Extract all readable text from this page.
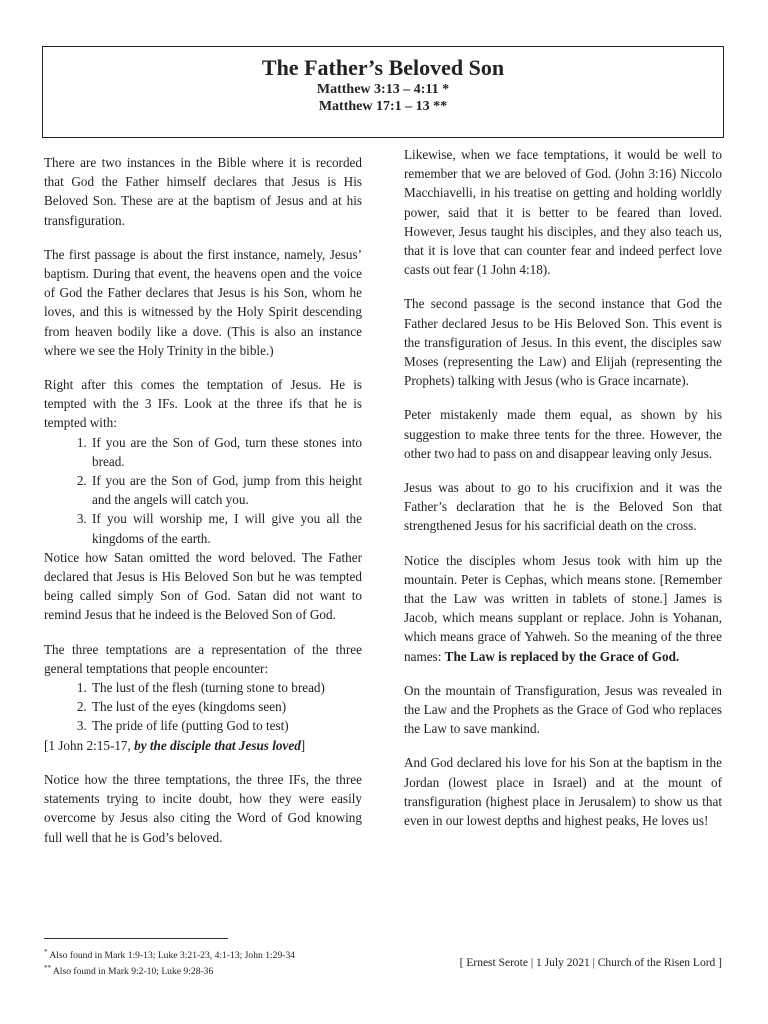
The Father’s Beloved Son
Matthew 3:13 – 4:11 *
Matthew 17:1 – 13 **

There are two instances in the Bible where it is recorded that God the Father himself declares that Jesus is His Beloved Son. These are at the baptism of Jesus and at his transfiguration.

The first passage is about the first instance, namely, Jesus’ baptism. During that event, the heavens open and the voice of God the Father declares that Jesus is his Son, whom he loves, and this is witnessed by the Holy Spirit descending from heaven bodily like a dove. (This is also an instance where we see the Holy Trinity in the bible.)

Right after this comes the temptation of Jesus. He is tempted with the 3 IFs. Look at the three ifs that he is tempted with:

1. If you are the Son of God, turn these stones into bread.
2. If you are the Son of God, jump from this height and the angels will catch you.
3. If you will worship me, I will give you all the kingdoms of the earth.

Notice how Satan omitted the word beloved. The Father declared that Jesus is His Beloved Son but he was tempted being called simply Son of God. Satan did not want to remind Jesus that he indeed is the Beloved Son of God.

The three temptations are a representation of the three general temptations that people encounter:

1. The lust of the flesh (turning stone to bread)
2. The lust of the eyes (kingdoms seen)
3. The pride of life (putting God to test)

[1 John 2:15-17, by the disciple that Jesus loved]

Notice how the three temptations, the three IFs, the three statements trying to incite doubt, how they were easily overcome by Jesus also citing the Word of God knowing full well that he is God’s beloved.

Likewise, when we face temptations, it would be well to remember that we are beloved of God. (John 3:16) Niccolo Macchiavelli, in his treatise on getting and holding worldly power, said that it is better to be feared than loved. However, Jesus taught his disciples, and they also teach us, that it is love that can counter fear and indeed perfect love casts out fear (1 John 4:18).

The second passage is the second instance that God the Father declared Jesus to be His Beloved Son. This event is the transfiguration of Jesus. In this event, the disciples saw Moses (representing the Law) and Elijah (representing the Prophets) talking with Jesus (who is Grace incarnate).

Peter mistakenly made them equal, as shown by his suggestion to make three tents for the three. However, the other two had to pass on and disappear leaving only Jesus.

Jesus was about to go to his crucifixion and it was the Father’s declaration that he is the Beloved Son that strengthened Jesus for his sacrificial death on the cross.

Notice the disciples whom Jesus took with him up the mountain. Peter is Cephas, which means stone. [Remember that the Law was written in tablets of stone.] James is Jacob, which means supplant or replace. John is Yohanan, which means grace of Yahweh. So the meaning of the three names: The Law is replaced by the Grace of God.

On the mountain of Transfiguration, Jesus was revealed in the Law and the Prophets as the Grace of God who replaces the Law to save mankind.

And God declared his love for his Son at the baptism in the Jordan (lowest place in Israel) and at the mount of transfiguration (highest place in Jerusalem) to show us that even in our lowest depths and highest peaks, He loves us!

* Also found in Mark 1:9-13; Luke 3:21-23, 4:1-13; John 1:29-34
** Also found in Mark 9:2-10; Luke 9:28-36
[ Ernest Serote | 1 July 2021 | Church of the Risen Lord ]
